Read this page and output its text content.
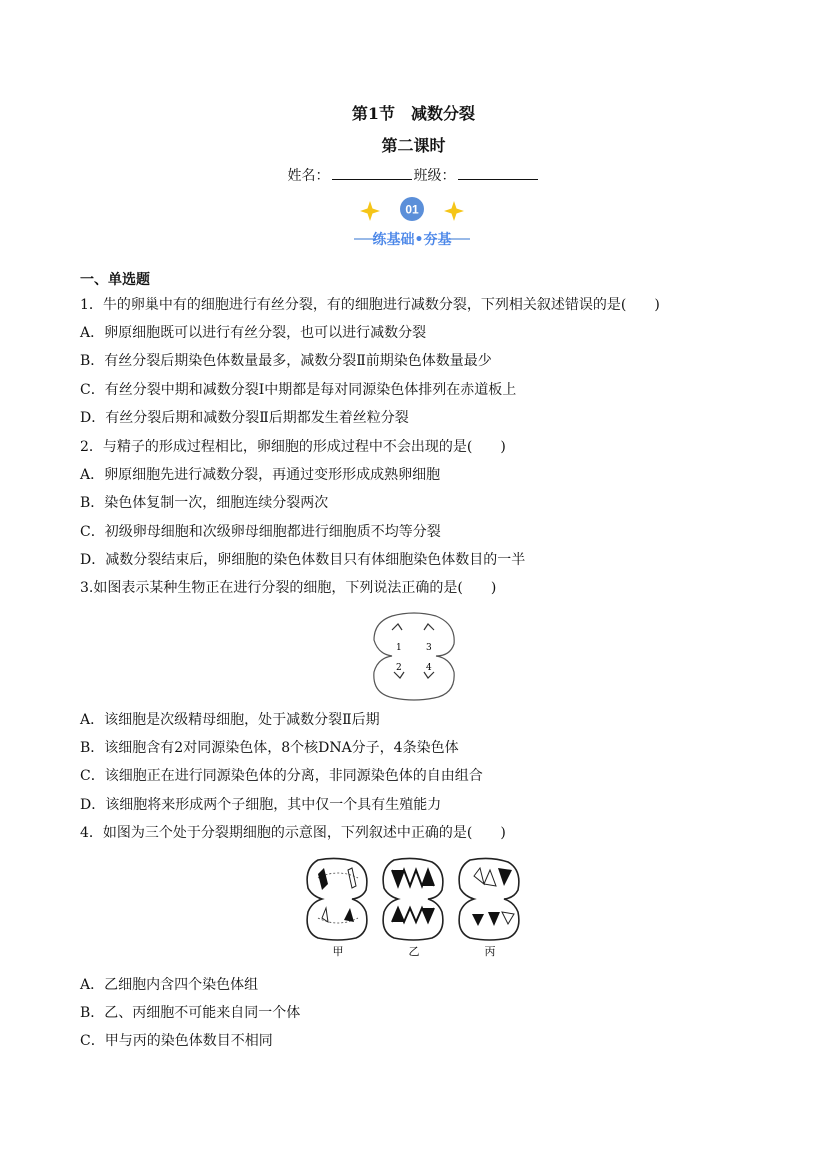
第1节　减数分裂
第二课时
姓名：	班级：
01
练基础•夯基
一、单选题
1．牛的卵巢中有的细胞进行有丝分裂，有的细胞进行减数分裂，下列相关叙述错误的是(　　)
A．卵原细胞既可以进行有丝分裂，也可以进行减数分裂
B．有丝分裂后期染色体数量最多，减数分裂Ⅱ前期染色体数量最少
C．有丝分裂中期和减数分裂Ⅰ中期都是每对同源染色体排列在赤道板上
D．有丝分裂后期和减数分裂Ⅱ后期都发生着丝粒分裂
2．与精子的形成过程相比，卵细胞的形成过程中不会出现的是(　　)
A．卵原细胞先进行减数分裂，再通过变形形成成熟卵细胞
B．染色体复制一次，细胞连续分裂两次
C．初级卵母细胞和次级卵母细胞都进行细胞质不均等分裂
D．减数分裂结束后，卵细胞的染色体数目只有体细胞染色体数目的一半
3.如图表示某种生物正在进行分裂的细胞，下列说法正确的是(　　)
1	3
2	4
A．该细胞是次级精母细胞，处于减数分裂Ⅱ后期
B．该细胞含有2对同源染色体，8个核DNA分子，4条染色体
C．该细胞正在进行同源染色体的分离，非同源染色体的自由组合
D．该细胞将来形成两个子细胞，其中仅一个具有生殖能力
4．如图为三个处于分裂期细胞的示意图，下列叙述中正确的是(　　)
甲	乙	丙
A．乙细胞内含四个染色体组
B．乙、丙细胞不可能来自同一个体
C．甲与丙的染色体数目不相同
